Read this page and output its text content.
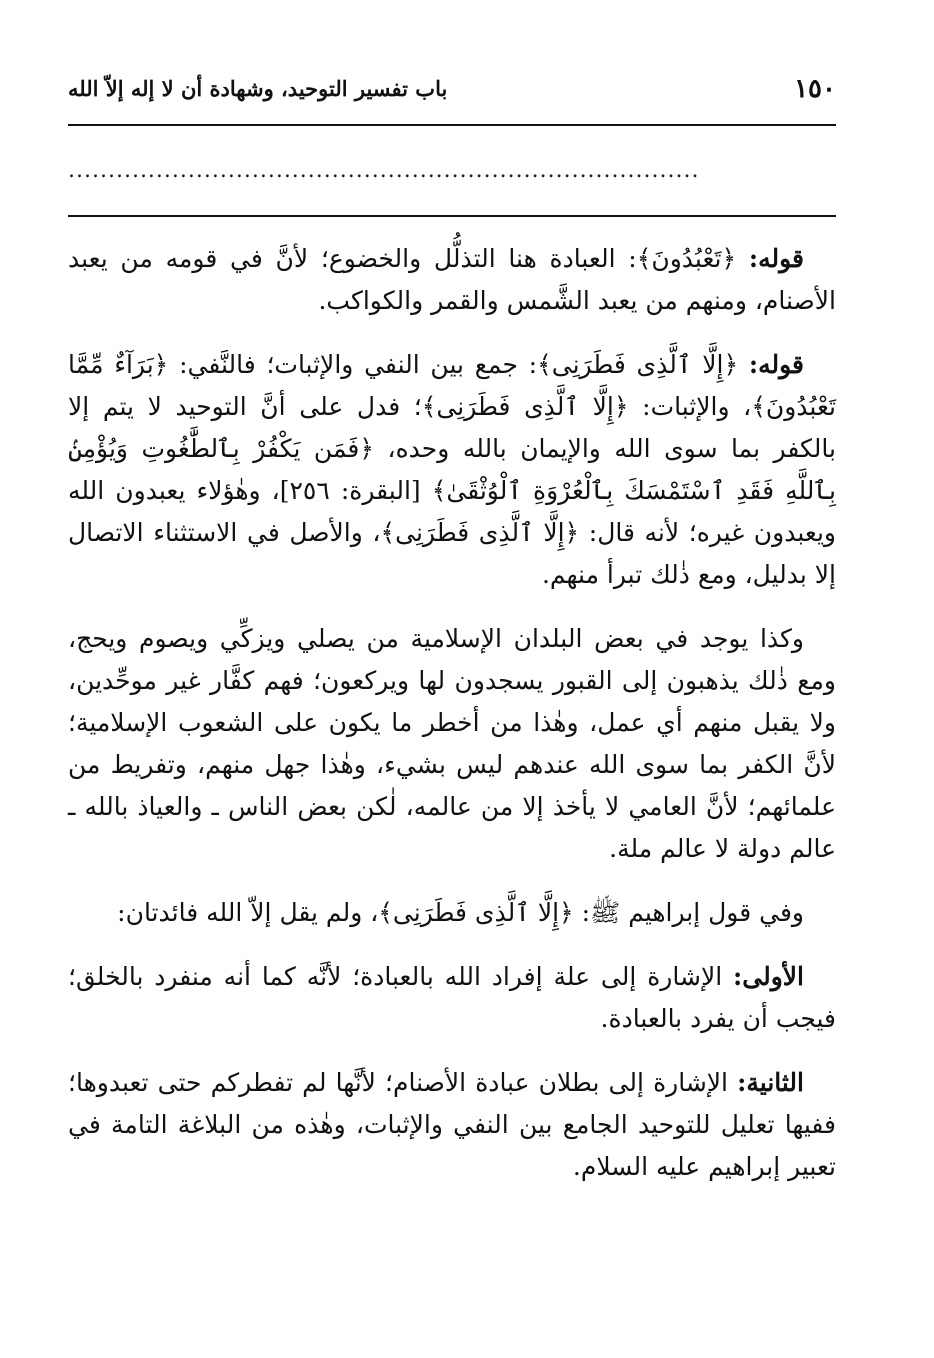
١٥٠
باب تفسير التوحيد، وشهادة أن لا إله إلاّ الله
...............................................................................

قوله: ﴿تَعْبُدُونَ﴾: العبادة هنا التذلُّل والخضوع؛ لأنَّ في قومه من يعبد الأصنام، ومنهم من يعبد الشَّمس والقمر والكواكب.

قوله: ﴿إِلَّا ٱلَّذِى فَطَرَنِى﴾: جمع بين النفي والإثبات؛ فالنَّفي: ﴿بَرَآءٌ مِّمَّا تَعْبُدُونَ﴾، والإثبات: ﴿إِلَّا ٱلَّذِى فَطَرَنِى﴾؛ فدل على أنَّ التوحيد لا يتم إلا بالكفر بما سوى الله والإيمان بالله وحده، ﴿فَمَن يَكْفُرْ بِٱلطَّٰغُوتِ وَيُؤْمِنۢ بِٱللَّهِ فَقَدِ ٱسْتَمْسَكَ بِٱلْعُرْوَةِ ٱلْوُثْقَىٰ﴾ [البقرة: ٢٥٦]، وهٰؤلاء يعبدون الله ويعبدون غيره؛ لأنه قال: ﴿إِلَّا ٱلَّذِى فَطَرَنِى﴾، والأصل في الاستثناء الاتصال إلا بدليل، ومع ذٰلك تبرأ منهم.

وكذا يوجد في بعض البلدان الإسلامية من يصلي ويزكِّي ويصوم ويحج، ومع ذٰلك يذهبون إلى القبور يسجدون لها ويركعون؛ فهم كفَّار غير موحِّدين، ولا يقبل منهم أي عمل، وهٰذا من أخطر ما يكون على الشعوب الإسلامية؛ لأنَّ الكفر بما سوى الله عندهم ليس بشيء، وهٰذا جهل منهم، وتفريط من علمائهم؛ لأنَّ العامي لا يأخذ إلا من عالمه، لٰكن بعض الناس ـ والعياذ بالله ـ عالم دولة لا عالم ملة.

وفي قول إبراهيم ﷺ: ﴿إِلَّا ٱلَّذِى فَطَرَنِى﴾، ولم يقل إلاّ الله فائدتان:

الأولى: الإشارة إلى علة إفراد الله بالعبادة؛ لأنَّه كما أنه منفرد بالخلق؛ فيجب أن يفرد بالعبادة.

الثانية: الإشارة إلى بطلان عبادة الأصنام؛ لأنَّها لم تفطركم حتى تعبدوها؛ ففيها تعليل للتوحيد الجامع بين النفي والإثبات، وهٰذه من البلاغة التامة في تعبير إبراهيم عليه السلام.
